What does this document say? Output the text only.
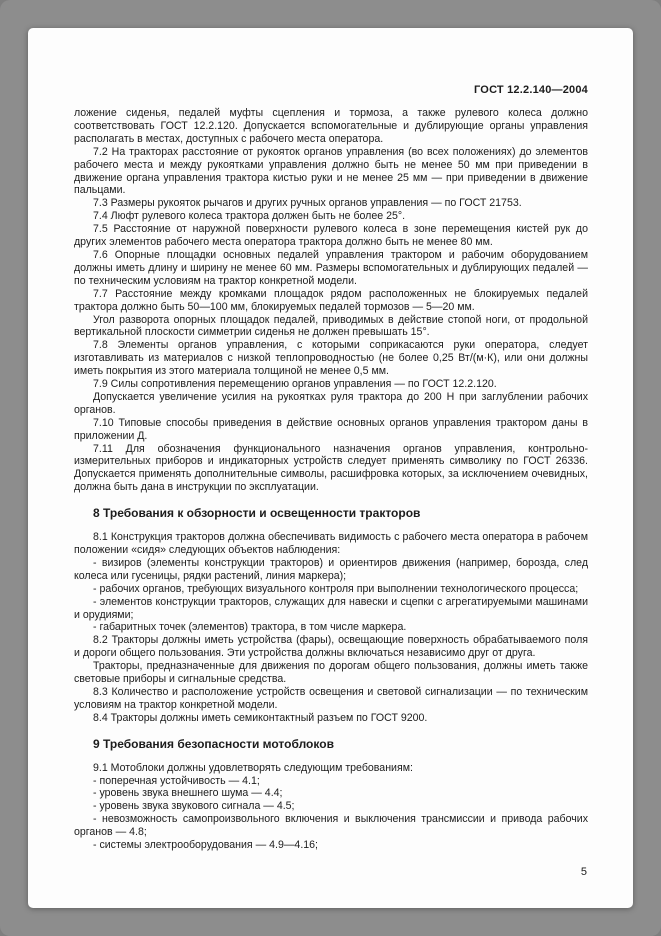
ГОСТ 12.2.140—2004

ложение сиденья, педалей муфты сцепления и тормоза, а также рулевого колеса должно соответствовать ГОСТ 12.2.120. Допускается вспомогательные и дублирующие органы управления располагать в местах, доступных с рабочего места оператора.

7.2 На тракторах расстояние от рукояток органов управления (во всех положениях) до элементов рабочего места и между рукоятками управления должно быть не менее 50 мм при приведении в движение органа управления трактора кистью руки и не менее 25 мм — при приведении в движение пальцами.

7.3 Размеры рукояток рычагов и других ручных органов управления — по ГОСТ 21753.

7.4 Люфт рулевого колеса трактора должен быть не более 25°.

7.5 Расстояние от наружной поверхности рулевого колеса в зоне перемещения кистей рук до других элементов рабочего места оператора трактора должно быть не менее 80 мм.

7.6 Опорные площадки основных педалей управления трактором и рабочим оборудованием должны иметь длину и ширину не менее 60 мм. Размеры вспомогательных и дублирующих педалей — по техническим условиям на трактор конкретной модели.

7.7 Расстояние между кромками площадок рядом расположенных не блокируемых педалей трактора должно быть 50—100 мм, блокируемых педалей тормозов — 5—20 мм.

Угол разворота опорных площадок педалей, приводимых в действие стопой ноги, от продольной вертикальной плоскости симметрии сиденья не должен превышать 15°.

7.8 Элементы органов управления, с которыми соприкасаются руки оператора, следует изготавливать из материалов с низкой теплопроводностью (не более 0,25 Вт/(м·К), или они должны иметь покрытия из этого материала толщиной не менее 0,5 мм.

7.9 Силы сопротивления перемещению органов управления — по ГОСТ 12.2.120.

Допускается увеличение усилия на рукоятках руля трактора до 200 Н при заглублении рабочих органов.

7.10 Типовые способы приведения в действие основных органов управления трактором даны в приложении Д.

7.11 Для обозначения функционального назначения органов управления, контрольно-измерительных приборов и индикаторных устройств следует применять символику по ГОСТ 26336. Допускается применять дополнительные символы, расшифровка которых, за исключением очевидных, должна быть дана в инструкции по эксплуатации.

8 Требования к обзорности и освещенности тракторов

8.1 Конструкция тракторов должна обеспечивать видимость с рабочего места оператора в рабочем положении «сидя» следующих объектов наблюдения:

- визиров (элементы конструкции тракторов) и ориентиров движения (например, борозда, след колеса или гусеницы, рядки растений, линия маркера);

- рабочих органов, требующих визуального контроля при выполнении технологического процесса;

- элементов конструкции тракторов, служащих для навески и сцепки с агрегатируемыми машинами и орудиями;

- габаритных точек (элементов) трактора, в том числе маркера.

8.2 Тракторы должны иметь устройства (фары), освещающие поверхность обрабатываемого поля и дороги общего пользования. Эти устройства должны включаться независимо друг от друга.

Тракторы, предназначенные для движения по дорогам общего пользования, должны иметь также световые приборы и сигнальные средства.

8.3 Количество и расположение устройств освещения и световой сигнализации — по техническим условиям на трактор конкретной модели.

8.4 Тракторы должны иметь семиконтактный разъем по ГОСТ 9200.

9 Требования безопасности мотоблоков

9.1 Мотоблоки должны удовлетворять следующим требованиям:

- поперечная устойчивость — 4.1;

- уровень звука внешнего шума — 4.4;

- уровень звука звукового сигнала — 4.5;

- невозможность самопроизвольного включения и выключения трансмиссии и привода рабочих органов — 4.8;

- системы электрооборудования — 4.9—4.16;

5
